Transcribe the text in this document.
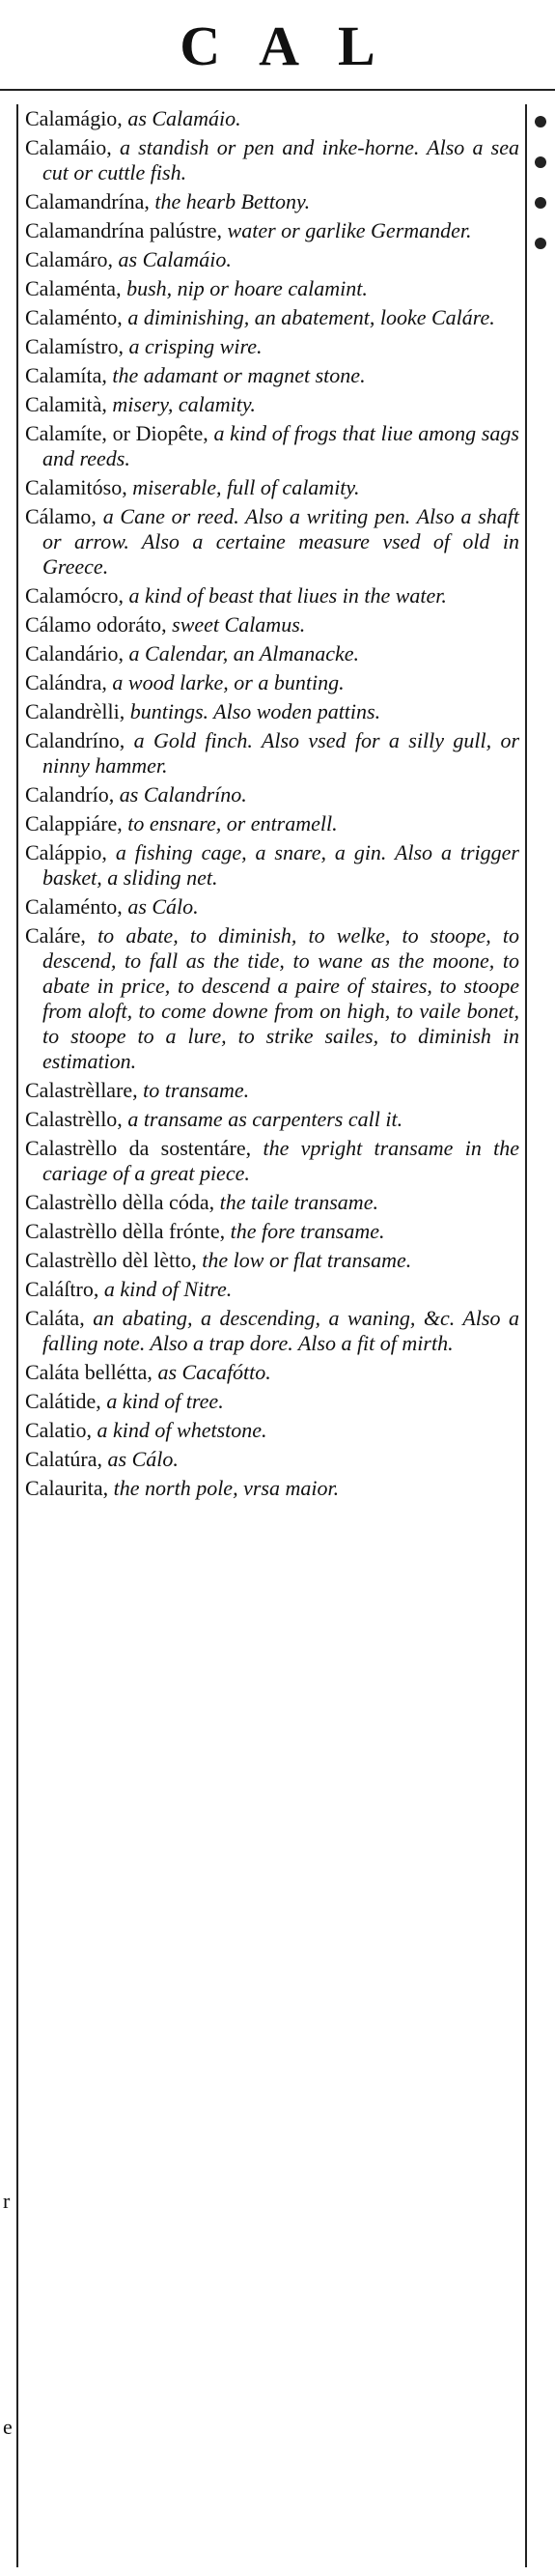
CAL
r
e
Calamágio, as Calamáio.
Calamáio, a standish or pen and inke-horne. Also a sea cut or cuttle fish.
Calamandrína, the hearb Bettony.
Calamandrína palústre, water or garlike Germander.
Calamáro, as Calamáio.
Calaménta, bush, nip or hoare calamint.
Calaménto, a diminishing, an abatement, looke Caláre.
Calamístro, a crisping wire.
Calamíta, the adamant or magnet stone.
Calamità, misery, calamity.
Calamíte, or Diopête, a kind of frogs that liue among sags and reeds.
Calamitóso, miserable, full of calamity.
Cálamo, a Cane or reed. Also a writing pen. Also a shaft or arrow. Also a certaine measure vsed of old in Greece.
Calamócro, a kind of beast that liues in the water.
Cálamo odoráto, sweet Calamus.
Calandário, a Calendar, an Almanacke.
Calándra, a wood larke, or a bunting.
Calandrèlli, buntings. Also woden pattins.
Calandríno, a Gold finch. Also vsed for a silly gull, or ninny hammer.
Calandrío, as Calandríno.
Calappiáre, to ensnare, or entramell.
Caláppio, a fishing cage, a snare, a gin. Also a trigger basket, a sliding net.
Calaménto, as Cálo.
Caláre, to abate, to diminish, to welke, to stoope, to descend, to fall as the tide, to wane as the moone, to abate in price, to descend a paire of staires, to stoope from aloft, to come downe from on high, to vaile bonet, to stoope to a lure, to strike sailes, to diminish in estimation.
Calastrèllare, to transame.
Calastrèllo, a transame as carpenters call it.
Calastrèllo da sostentáre, the vpright transame in the cariage of a great piece.
Calastrèllo dèlla códa, the taile transame.
Calastrèllo dèlla frónte, the fore transame.
Calastrèllo dèl lètto, the low or flat transame.
Caláſtro, a kind of Nitre.
Caláta, an abating, a descending, a waning, &c. Also a falling note. Also a trap dore. Also a fit of mirth.
Caláta bellétta, as Cacafótto.
Calátide, a kind of tree.
Calatio, a kind of whetstone.
Calatúra, as Cálo.
Calaurita, the north pole, vrsa maior.
